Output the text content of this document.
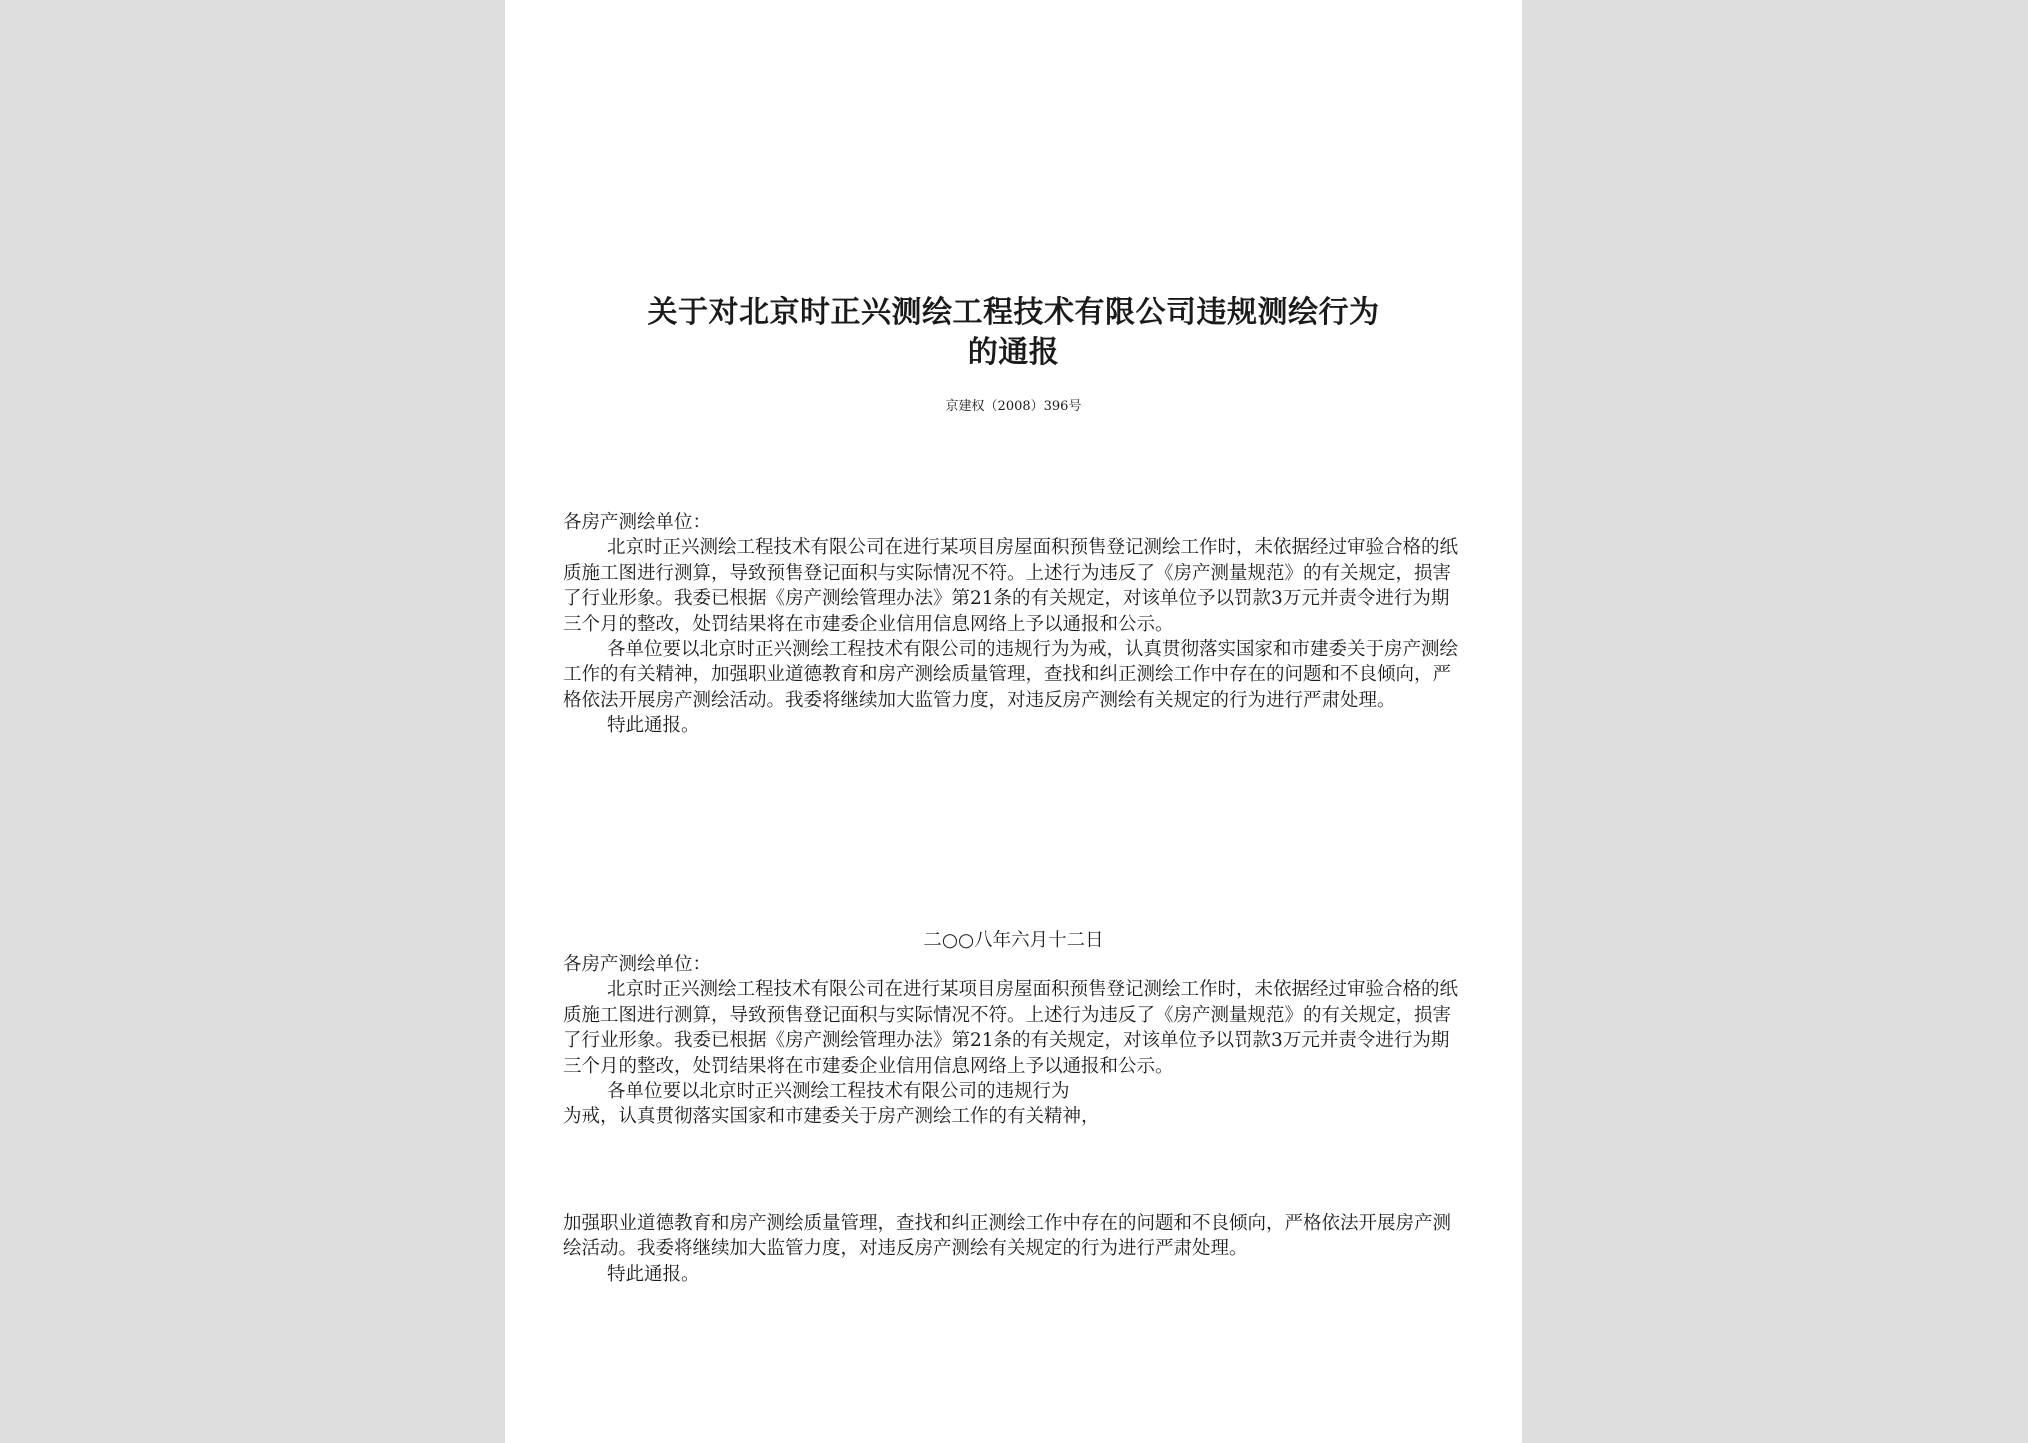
关于对北京时正兴测绘工程技术有限公司违规测绘行为
的通报
京建权（2008）396号

各房产测绘单位：

北京时正兴测绘工程技术有限公司在进行某项目房屋面积预售登记测绘工作时，未依据经过审验合格的纸质施工图进行测算，导致预售登记面积与实际情况不符。上述行为违反了《房产测量规范》的有关规定，损害了行业形象。我委已根据《房产测绘管理办法》第21条的有关规定，对该单位予以罚款3万元并责令进行为期三个月的整改，处罚结果将在市建委企业信用信息网络上予以通报和公示。

各单位要以北京时正兴测绘工程技术有限公司的违规行为为戒，认真贯彻落实国家和市建委关于房产测绘工作的有关精神，加强职业道德教育和房产测绘质量管理，查找和纠正测绘工作中存在的问题和不良倾向，严格依法开展房产测绘活动。我委将继续加大监管力度，对违反房产测绘有关规定的行为进行严肃处理。

特此通报。

二○○八年六月十二日

各房产测绘单位：

北京时正兴测绘工程技术有限公司在进行某项目房屋面积预售登记测绘工作时，未依据经过审验合格的纸质施工图进行测算，导致预售登记面积与实际情况不符。上述行为违反了《房产测量规范》的有关规定，损害了行业形象。我委已根据《房产测绘管理办法》第21条的有关规定，对该单位予以罚款3万元并责令进行为期三个月的整改，处罚结果将在市建委企业信用信息网络上予以通报和公示。

各单位要以北京时正兴测绘工程技术有限公司的违规行为

为戒，认真贯彻落实国家和市建委关于房产测绘工作的有关精神，

加强职业道德教育和房产测绘质量管理，查找和纠正测绘工作中存在的问题和不良倾向，严格依法开展房产测绘活动。我委将继续加大监管力度，对违反房产测绘有关规定的行为进行严肃处理。

特此通报。
